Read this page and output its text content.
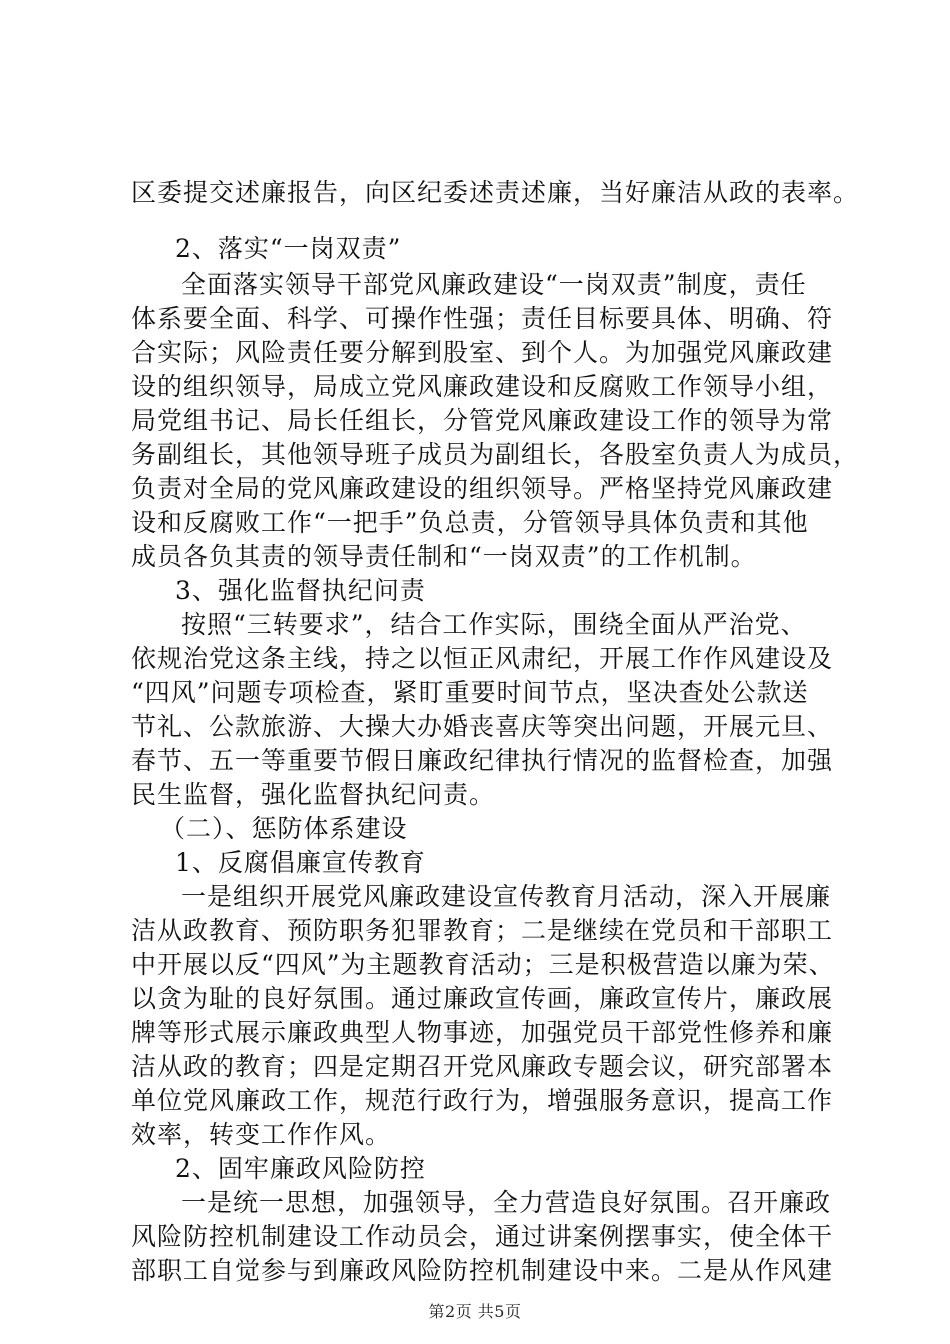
区委提交述廉报告，向区纪委述责述廉，当好廉洁从政的表率。
2、落实“一岗双责”
全面落实领导干部党风廉政建设“一岗双责”制度，责任
体系要全面、科学、可操作性强；责任目标要具体、明确、符
合实际；风险责任要分解到股室、到个人。为加强党风廉政建
设的组织领导，局成立党风廉政建设和反腐败工作领导小组，
局党组书记、局长任组长，分管党风廉政建设工作的领导为常
务副组长，其他领导班子成员为副组长，各股室负责人为成员，
负责对全局的党风廉政建设的组织领导。严格坚持党风廉政建
设和反腐败工作“一把手”负总责，分管领导具体负责和其他
成员各负其责的领导责任制和“一岗双责”的工作机制。
3、强化监督执纪问责
按照“三转要求”，结合工作实际，围绕全面从严治党、
依规治党这条主线，持之以恒正风肃纪，开展工作作风建设及
“四风”问题专项检查，紧盯重要时间节点，坚决查处公款送
节礼、公款旅游、大操大办婚丧喜庆等突出问题，开展元旦、
春节、五一等重要节假日廉政纪律执行情况的监督检查，加强
民生监督，强化监督执纪问责。
（二）、惩防体系建设
1、反腐倡廉宣传教育
一是组织开展党风廉政建设宣传教育月活动，深入开展廉
洁从政教育、预防职务犯罪教育；二是继续在党员和干部职工
中开展以反“四风”为主题教育活动；三是积极营造以廉为荣、
以贪为耻的良好氛围。通过廉政宣传画，廉政宣传片，廉政展
牌等形式展示廉政典型人物事迹，加强党员干部党性修养和廉
洁从政的教育；四是定期召开党风廉政专题会议，研究部署本
单位党风廉政工作，规范行政行为，增强服务意识，提高工作
效率，转变工作作风。
2、固牢廉政风险防控
一是统一思想，加强领导，全力营造良好氛围。召开廉政
风险防控机制建设工作动员会，通过讲案例摆事实，使全体干
部职工自觉参与到廉政风险防控机制建设中来。二是从作风建
第2页 共5页
